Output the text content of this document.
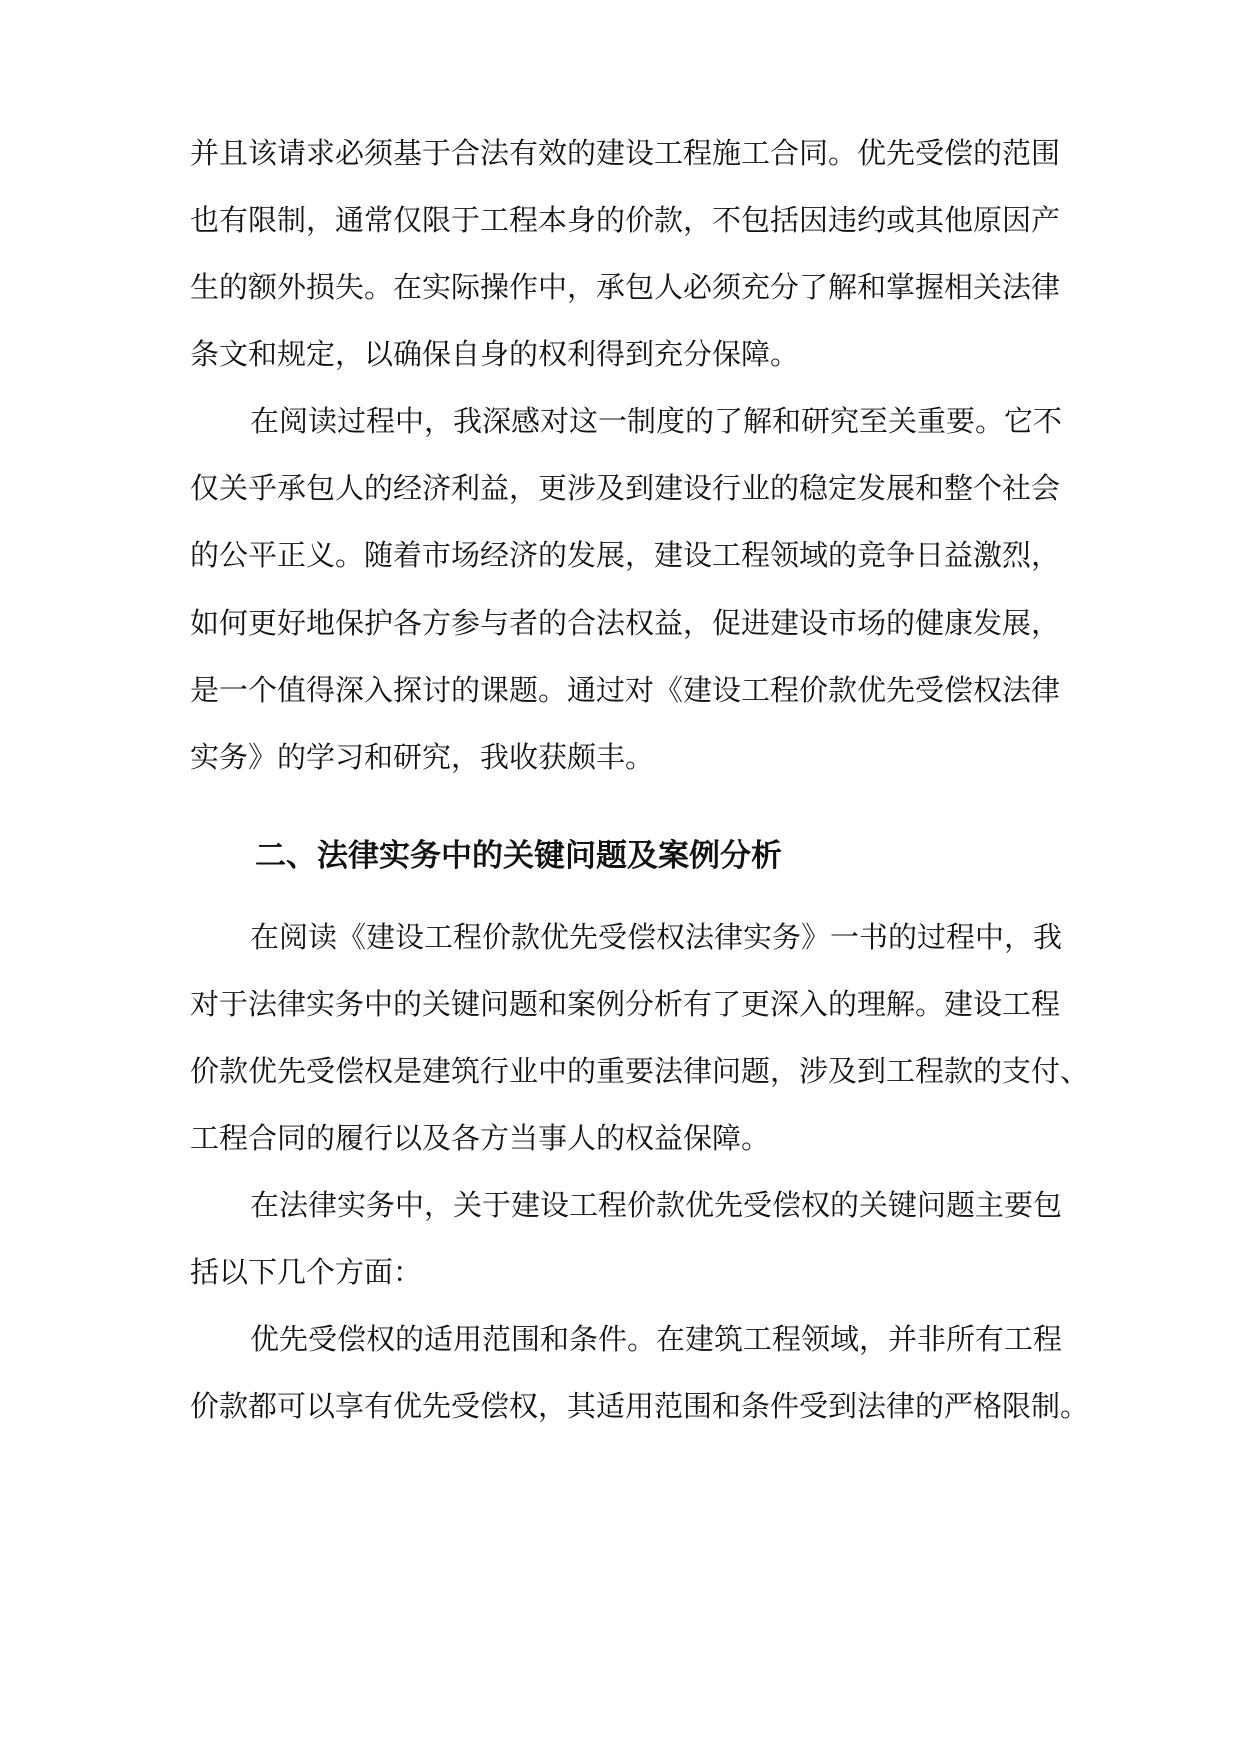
并且该请求必须基于合法有效的建设工程施工合同。优先受偿的范围
也有限制，通常仅限于工程本身的价款，不包括因违约或其他原因产
生的额外损失。在实际操作中，承包人必须充分了解和掌握相关法律
条文和规定，以确保自身的权利得到充分保障。
在阅读过程中，我深感对这一制度的了解和研究至关重要。它不
仅关乎承包人的经济利益，更涉及到建设行业的稳定发展和整个社会
的公平正义。随着市场经济的发展，建设工程领域的竞争日益激烈，
如何更好地保护各方参与者的合法权益，促进建设市场的健康发展，
是一个值得深入探讨的课题。通过对《建设工程价款优先受偿权法律
实务》的学习和研究，我收获颇丰。
二、法律实务中的关键问题及案例分析
在阅读《建设工程价款优先受偿权法律实务》一书的过程中，我
对于法律实务中的关键问题和案例分析有了更深入的理解。建设工程
价款优先受偿权是建筑行业中的重要法律问题，涉及到工程款的支付、
工程合同的履行以及各方当事人的权益保障。
在法律实务中，关于建设工程价款优先受偿权的关键问题主要包
括以下几个方面：
优先受偿权的适用范围和条件。在建筑工程领域，并非所有工程
价款都可以享有优先受偿权，其适用范围和条件受到法律的严格限制。
